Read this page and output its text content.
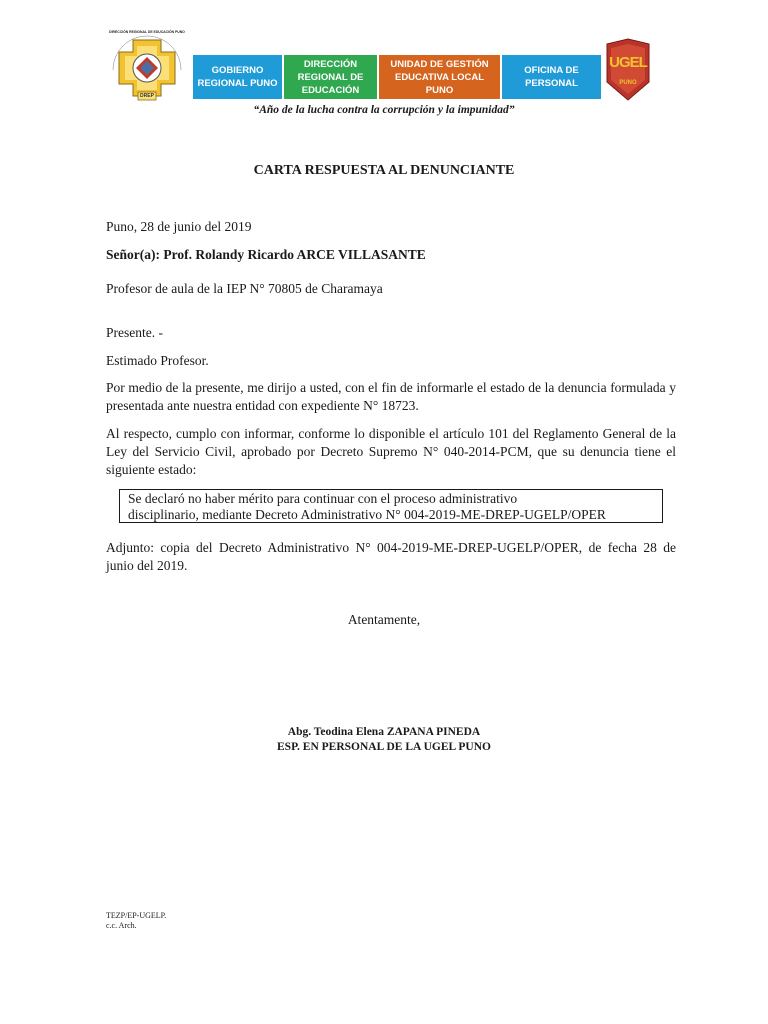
DIRECCIÓN REGIONAL DE EDUCACIÓN PUNO
DREP
GOBIERNO REGIONAL PUNO
DIRECCIÓN REGIONAL DE EDUCACIÓN
UNIDAD DE GESTIÓN EDUCATIVA LOCAL PUNO
OFICINA DE PERSONAL
UGEL
PUNO
“Año de la lucha contra la corrupción y la impunidad”
CARTA RESPUESTA AL DENUNCIANTE
Puno, 28 de junio del 2019
Señor(a): Prof. Rolandy Ricardo ARCE VILLASANTE
Profesor de aula de la IEP N° 70805 de Charamaya
Presente. -
Estimado Profesor.
Por medio de la presente, me dirijo a usted, con el fin de informarle el estado de la denuncia formulada y presentada ante nuestra entidad con expediente N° 18723.
Al respecto, cumplo con informar, conforme lo disponible el artículo 101 del Reglamento General de la Ley del Servicio Civil, aprobado por Decreto Supremo N° 040-2014-PCM, que su denuncia tiene el siguiente estado:
Se declaró no haber mérito para continuar con el proceso administrativo
disciplinario, mediante Decreto Administrativo N° 004-2019-ME-DREP-UGELP/OPER
Adjunto: copia del Decreto Administrativo N° 004-2019-ME-DREP-UGELP/OPER, de fecha 28 de junio del 2019.
Atentamente,
Abg. Teodina Elena ZAPANA PINEDA
ESP. EN PERSONAL DE LA UGEL PUNO
TEZP/EP-UGELP.
c.c. Arch.
